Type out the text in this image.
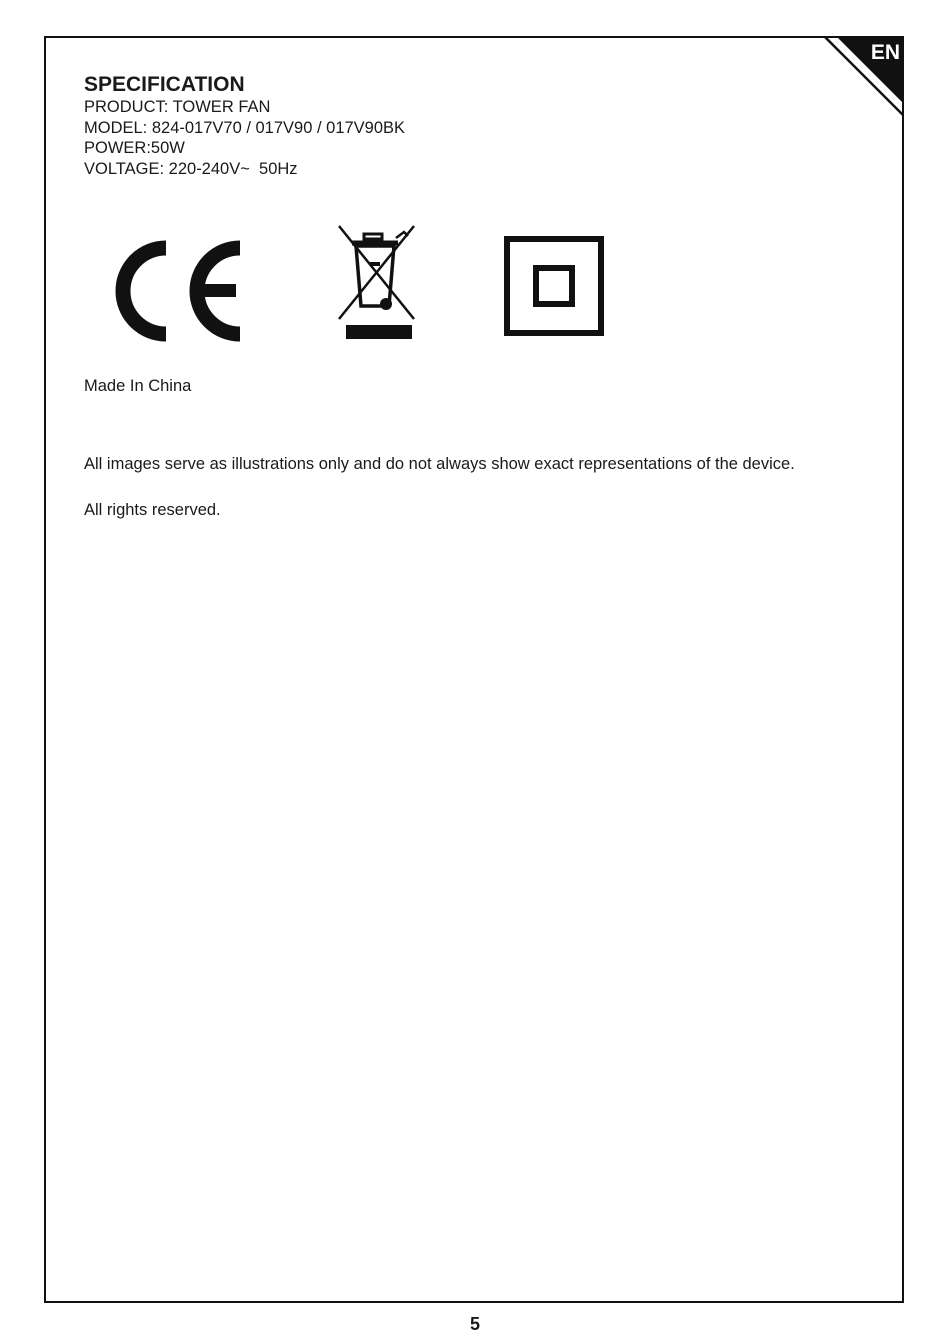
EN
SPECIFICATION
PRODUCT: TOWER FAN
MODEL: 824-017V70 / 017V90 / 017V90BK
POWER:50W
VOLTAGE: 220-240V~  50Hz
Made In China
All images serve as illustrations only and do not always show exact representations of the device.
All rights reserved.
5
